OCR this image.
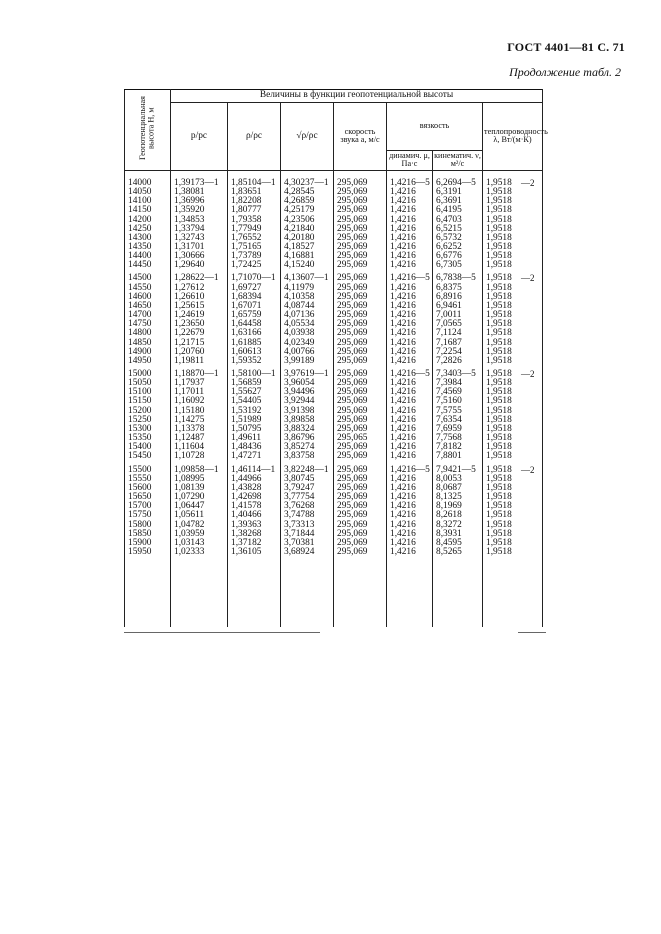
ГОСТ 4401—81 С. 71
Продолжение табл. 2
Геопотенциальная высота H, м	Величины в функции геопотенциальной высоты						
	p/pc	ρ/ρc	√ρ/ρc	скорость звука a, м/с	вязкость		теплопроводность λ, Вт/(м·К)
					динамич. μ, Па·с	кинематич. ν, м²/с	
14000	1,39173—1	1,85104—1	4,30237—1	295,069	1,4216—5	6,2694—5	1,9518 —2

14050	1,38081	1,83651	4,28545	295,069	1,4216	6,3191	1,9518
14100	1,36996	1,82208	4,26859	295,069	1,4216	6,3691	1,9518
14150	1,35920	1,80777	4,25179	295,069	1,4216	6,4195	1,9518
14200	1,34853	1,79358	4,23506	295,069	1,4216	6,4703	1,9518
14250	1,33794	1,77949	4,21840	295,069	1,4216	6,5215	1,9518
14300	1,32743	1,76552	4,20180	295,069	1,4216	6,5732	1,9518
14350	1,31701	1,75165	4,18527	295,069	1,4216	6,6252	1,9518
14400	1,30666	1,73789	4,16881	295,069	1,4216	6,6776	1,9518
14450	1,29640	1,72425	4,15240	295,069	1,4216	6,7305	1,9518
14500	1,28622—1	1,71070—1	4,13607—1	295,069	1,4216—5	6,7838—5	1,9518 —2

14550	1,27612	1,69727	4,11979	295,069	1,4216	6,8375	1,9518
14600	1,26610	1,68394	4,10358	295,069	1,4216	6,8916	1,9518
14650	1,25615	1,67071	4,08744	295,069	1,4216	6,9461	1,9518
14700	1,24619	1,65759	4,07136	295,069	1,4216	7,0011	1,9518
14750	1,23650	1,64458	4,05534	295,069	1,4216	7,0565	1,9518
14800	1,22679	1,63166	4,03938	295,069	1,4216	7,1124	1,9518
14850	1,21715	1,61885	4,02349	295,069	1,4216	7,1687	1,9518
14900	1,20760	1,60613	4,00766	295,069	1,4216	7,2254	1,9518
14950	1,19811	1,59352	3,99189	295,069	1,4216	7,2826	1,9518
15000	1,18870—1	1,58100—1	3,97619—1	295,069	1,4216—5	7,3403—5	1,9518 —2

15050	1,17937	1,56859	3,96054	295,069	1,4216	7,3984	1,9518
15100	1,17011	1,55627	3,94496	295,069	1,4216	7,4569	1,9518
15150	1,16092	1,54405	3,92944	295,069	1,4216	7,5160	1,9518
15200	1,15180	1,53192	3,91398	295,069	1,4216	7,5755	1,9518
15250	1,14275	1,51989	3,89858	295,069	1,4216	7,6354	1,9518
15300	1,13378	1,50795	3,88324	295,069	1,4216	7,6959	1,9518
15350	1,12487	1,49611	3,86796	295,065	1,4216	7,7568	1,9518
15400	1,11604	1,48436	3,85274	295,069	1,4216	7,8182	1,9518
15450	1,10728	1,47271	3,83758	295,069	1,4216	7,8801	1,9518
15500	1,09858—1	1,46114—1	3,82248—1	295,069	1,4216—5	7,9421—5	1,9518 —2

15550	1,08995	1,44966	3,80745	295,069	1,4216	8,0053	1,9518
15600	1,08139	1,43828	3,79247	295,069	1,4216	8,0687	1,9518
15650	1,07290	1,42698	3,77754	295,069	1,4216	8,1325	1,9518
15700	1,06447	1,41578	3,76268	295,069	1,4216	8,1969	1,9518
15750	1,05611	1,40466	3,74788	295,069	1,4216	8,2618	1,9518
15800	1,04782	1,39363	3,73313	295,069	1,4216	8,3272	1,9518
15850	1,03959	1,38268	3,71844	295,069	1,4216	8,3931	1,9518
15900	1,03143	1,37182	3,70381	295,069	1,4216	8,4595	1,9518
15950	1,02333	1,36105	3,68924	295,069	1,4216	8,5265	1,9518
